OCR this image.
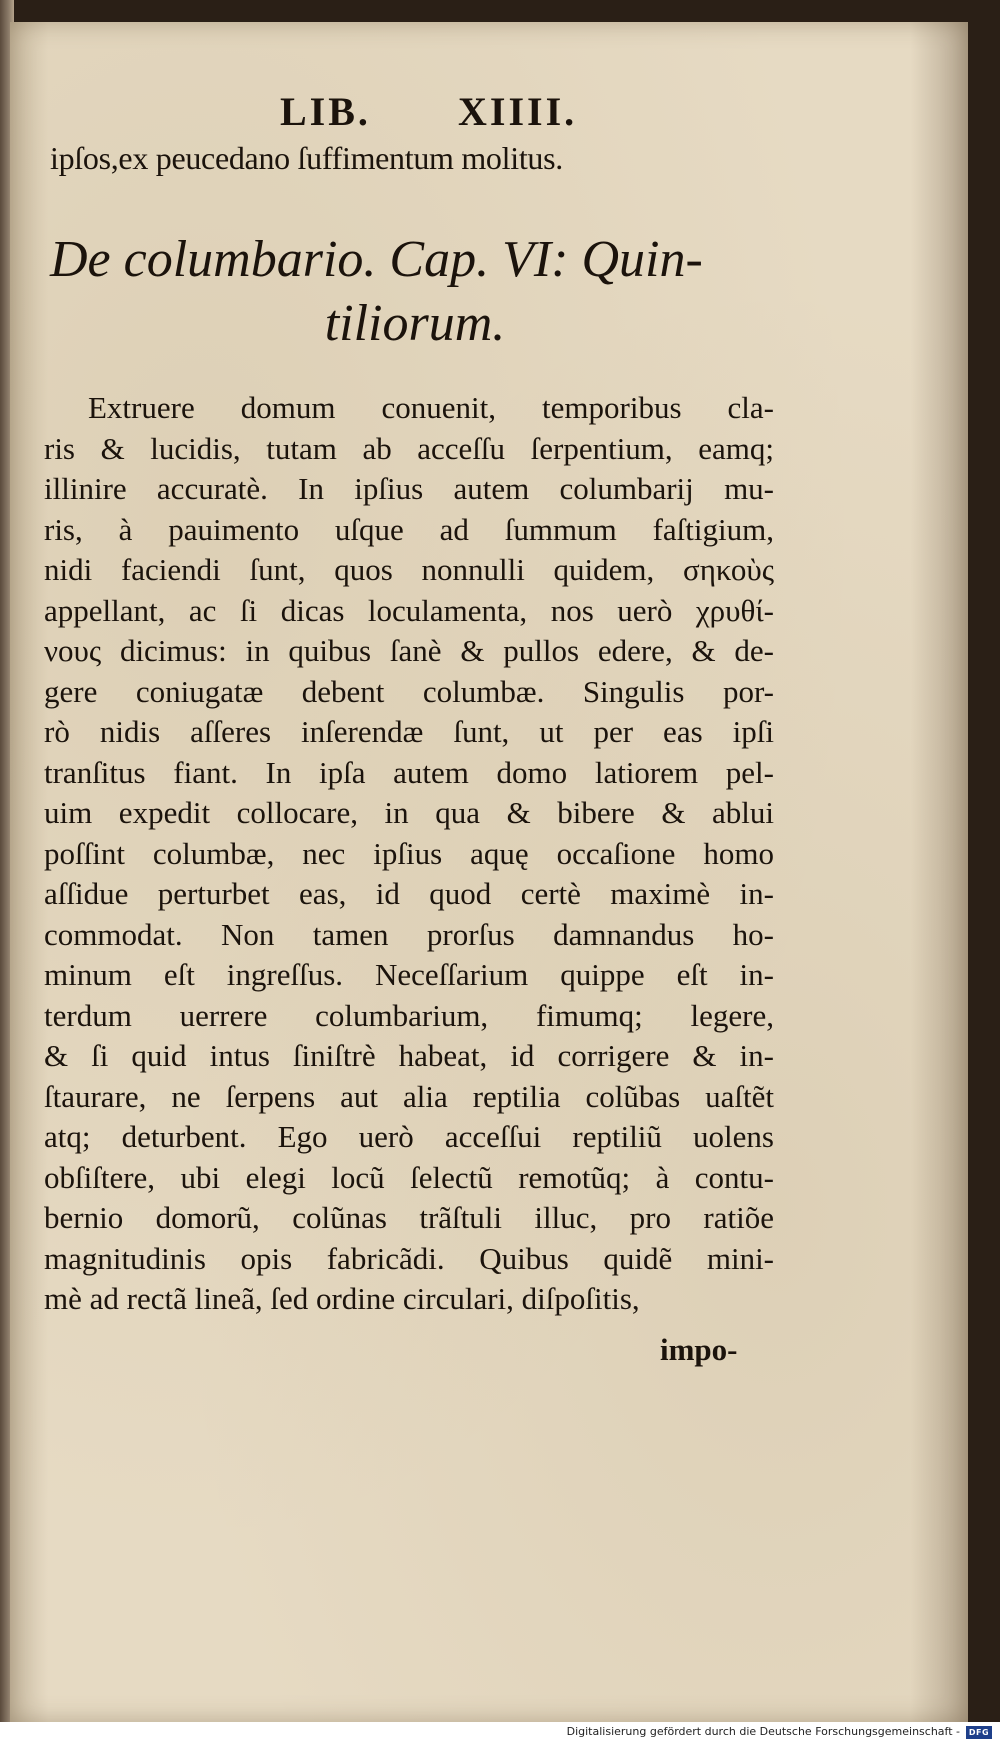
LIB. XIIII.
ipſos,ex peucedano ſuffimentum molitus.
De columbario. Cap. VI: Quin-
tiliorum.
Extruere domum conuenit, temporibus cla-
ris & lucidis, tutam ab acceſſu ſerpentium, eamq;
illinire accuratè. In ipſius autem columbarij mu-
ris, à pauimento uſque ad ſummum faſtigium,
nidi faciendi ſunt, quos nonnulli quidem, σηκοὺς
appellant, ac ſi dicas loculamenta, nos uerò χρυθί-
νους dicimus: in quibus ſanè & pullos edere, & de-
gere coniugatæ debent columbæ. Singulis por-
rò nidis aſſeres inſerendæ ſunt, ut per eas ipſi
tranſitus fiant. In ipſa autem domo latiorem pel-
uim expedit collocare, in qua & bibere & ablui
poſſint columbæ, nec ipſius aquę occaſione homo
aſſidue perturbet eas, id quod certè maximè in-
commodat. Non tamen prorſus damnandus ho-
minum eſt ingreſſus. Neceſſarium quippe eſt in-
terdum uerrere columbarium, fimumq; legere,
& ſi quid intus ſiniſtrè habeat, id corrigere & in-
ſtaurare, ne ſerpens aut alia reptilia colũbas uaſtẽt
atq; deturbent. Ego uerò acceſſui reptiliũ uolens
obſiſtere, ubi elegi locũ ſelectũ remotũq; à contu-
bernio domorũ, colũnas trãſtuli illuc, pro ratiõe
magnitudinis opis fabricãdi. Quibus quidẽ mini-
mè ad rectã lineã, ſed ordine circulari, diſpoſitis,
impo-
Digitalisierung gefördert durch die Deutsche Forschungsgemeinschaft -	DFG
